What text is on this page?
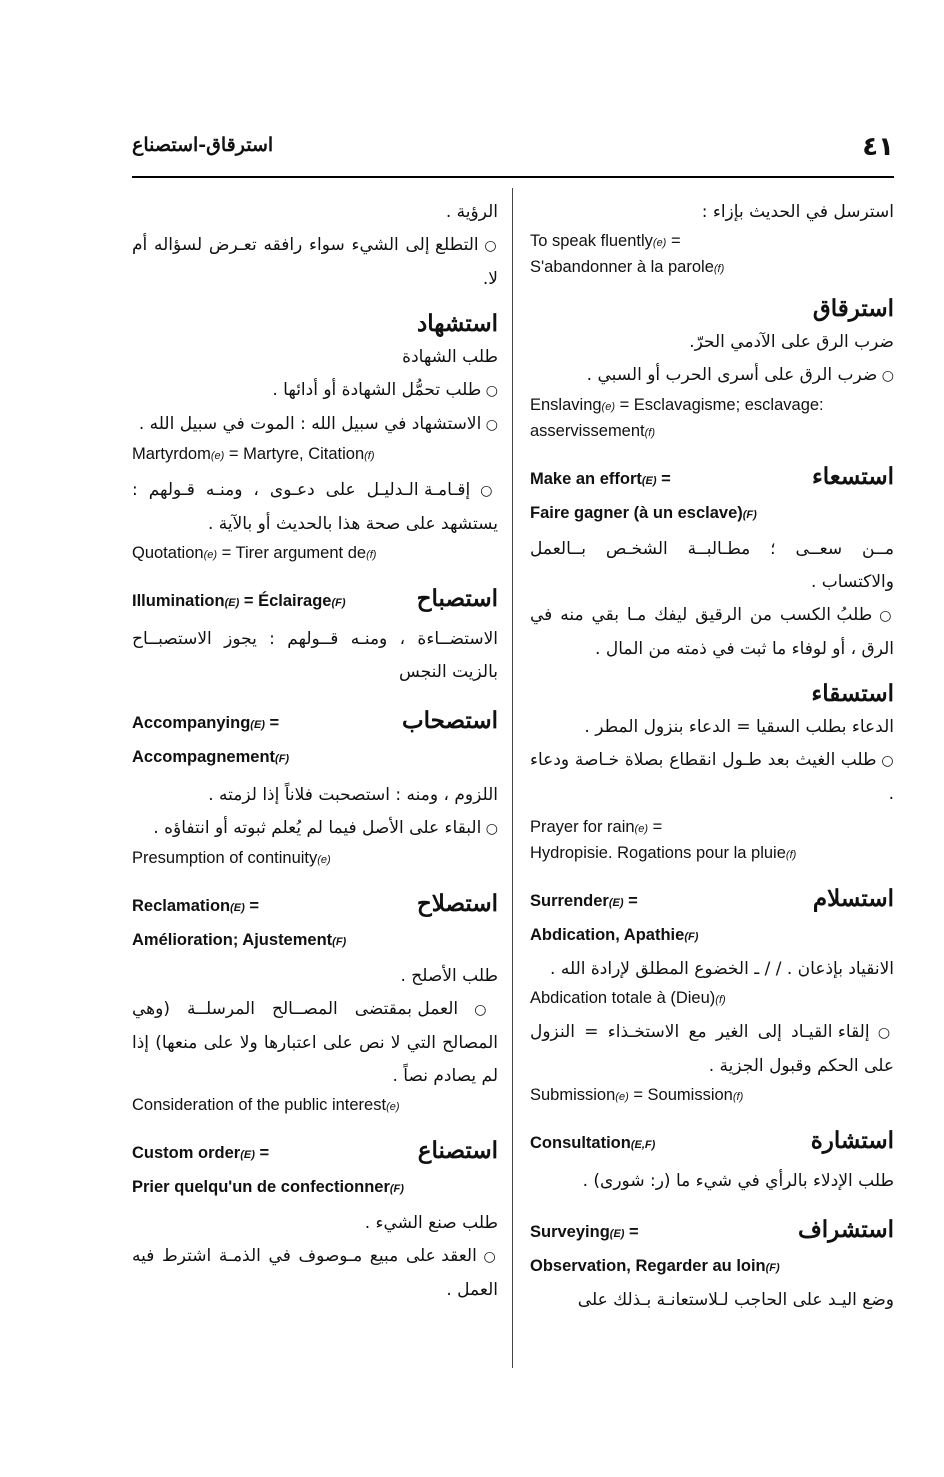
٤١
استرقاق-استصناع
استرسل في الحديث بإزاء :
To speak fluently(e) =
S'abandonner à la parole(f)
استرقاق
ضرب الرق على الآدمي الحرّ.
○ ضرب الرق على أسرى الحرب أو السبي .
Enslaving(e) = Esclavagisme; esclavage: asservissement(f)
استسعاء
Make an effort(E) =
Faire gagner (à un esclave)(F)
مــن سعــى ؛ مطـالبــة الشخـص بــالعمل والاكتساب .
○ طلبُ الكسب من الرقيق ليفك مـا بقي منه في الرق ، أو لوفاء ما ثبت في ذمته من المال .
استسقاء
الدعاء بطلب السقيا = الدعاء بنزول المطر .
○ طلب الغيث بعد طـول انقطاع بصلاة خـاصة ودعاء .
Prayer for rain(e) =
Hydropisie. Rogations pour la pluie(f)
استسلام
Surrender(E) =
Abdication, Apathie(F)
الانقياد بإذعان . / / ـ الخضوع المطلق لإرادة الله .
Abdication totale à (Dieu)(f)
○ إلقاء القيـاد إلى الغير مع الاستخـذاء = النزول على الحكم وقبول الجزية .
Submission(e) = Soumission(f)
استشارة
Consultation(E,F)
طلب الإدلاء بالرأي في شيء ما (ر: شورى) .
استشراف
Surveying(E) =
Observation, Regarder au loin(F)
وضع اليـد على الحاجب لـلاستعانـة بـذلك على
الرؤية .
○ التطلع إلى الشيء سواء رافقه تعـرض لسؤاله أم لا.
استشهاد
طلب الشهادة
○ طلب تحمُّل الشهادة أو أدائها .
○ الاستشهاد في سبيل الله : الموت في سبيل الله .
Martyrdom(e) = Martyre, Citation(f)
○ إقـامـة الـدليـل على دعـوى ، ومنـه قـولهم : يستشهد على صحة هذا بالحديث أو بالآية .
Quotation(e) = Tirer argument de(f)
استصباح
Illumination(E) = Éclairage(F)
الاستضــاءة ، ومنـه قــولهم : يجوز الاستصبــاح بالزيت النجس
استصحاب
Accompanying(E) =
Accompagnement(F)
اللزوم ، ومنه : استصحبت فلاناً إذا لزمته .
○ البقاء على الأصل فيما لم يُعلم ثبوته أو انتفاؤه .
Presumption of continuity(e)
استصلاح
Reclamation(E) =
Amélioration; Ajustement(F)
طلب الأصلح .
○ العمل بمقتضى المصــالح المرسلــة (وهي المصالح التي لا نص على اعتبارها ولا على منعها) إذا لم يصادم نصاً .
Consideration of the public interest(e)
استصناع
Custom order(E) =
Prier quelqu'un de confectionner(F)
طلب صنع الشيء .
○ العقد على مبيع مـوصوف في الذمـة اشترط فيه العمل .
